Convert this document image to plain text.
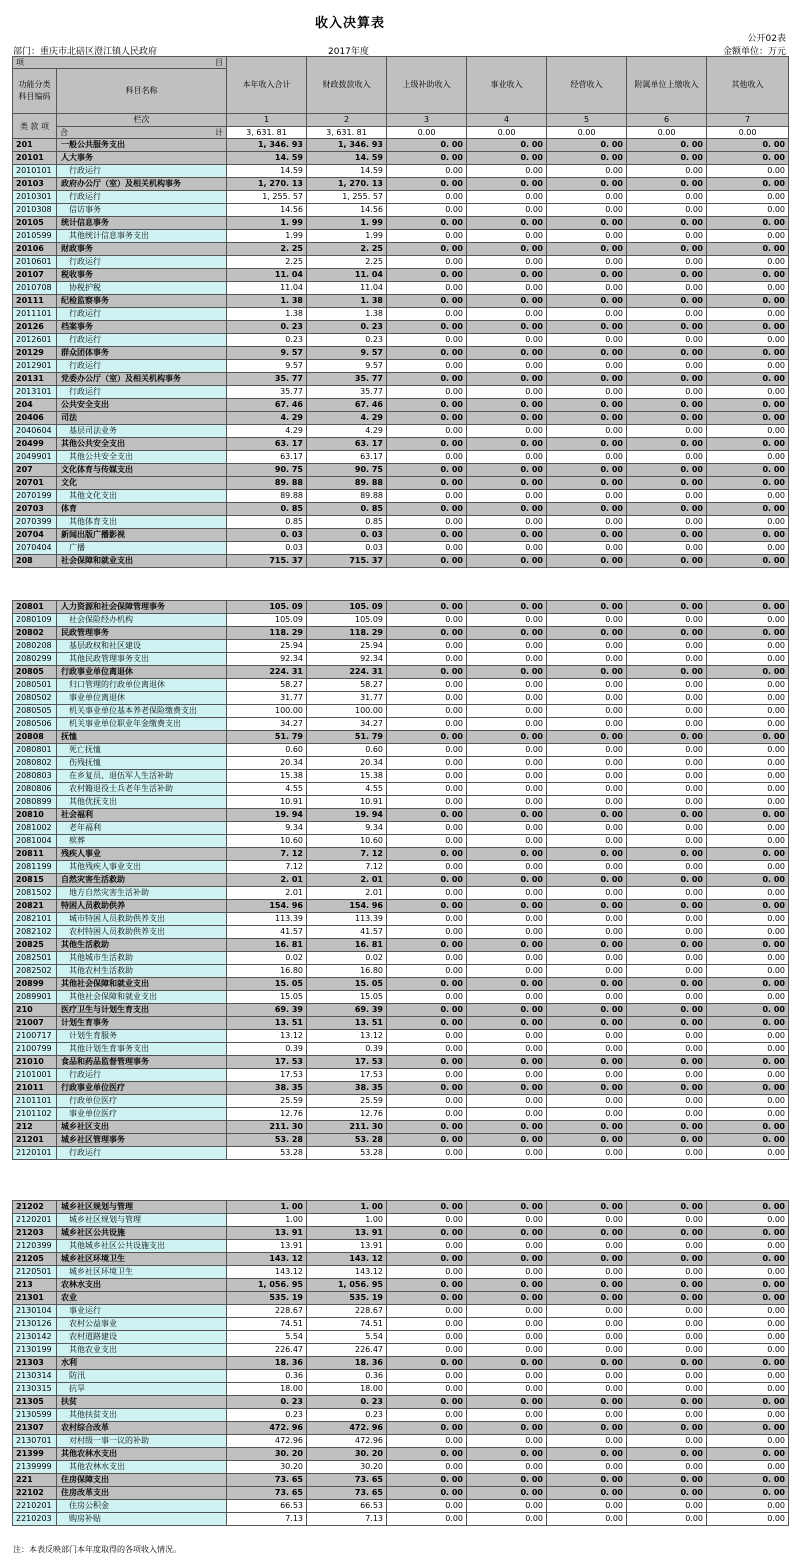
收入决算表
公开02表
部门：重庆市北碚区澄江镇人民政府	2017年度	金额单位：万元
项 目		本年收入合计	财政拨款收入	上级补助收入	事业收入	经营收入	附属单位上缴收入	其他收入
功能分类科目编码	科目名称							

类 款 项	栏次	1	2	3	4	5	6	7
	合 计	3, 631. 81	3, 631. 81	0.00	0.00	0.00	0.00	0.00
201	一般公共服务支出	1, 346. 93	1, 346. 93	0. 00	0. 00	0. 00	0. 00	0. 00
20101	人大事务	14. 59	14. 59	0. 00	0. 00	0. 00	0. 00	0. 00
2010101	行政运行	14.59	14.59	0.00	0.00	0.00	0.00	0.00
20103	政府办公厅（室）及相关机构事务	1, 270. 13	1, 270. 13	0. 00	0. 00	0. 00	0. 00	0. 00
2010301	行政运行	1, 255. 57	1, 255. 57	0.00	0.00	0.00	0.00	0.00
2010308	信访事务	14.56	14.56	0.00	0.00	0.00	0.00	0.00
20105	统计信息事务	1. 99	1. 99	0. 00	0. 00	0. 00	0. 00	0. 00
2010599	其他统计信息事务支出	1.99	1.99	0.00	0.00	0.00	0.00	0.00
20106	财政事务	2. 25	2. 25	0. 00	0. 00	0. 00	0. 00	0. 00
2010601	行政运行	2.25	2.25	0.00	0.00	0.00	0.00	0.00
20107	税收事务	11. 04	11. 04	0. 00	0. 00	0. 00	0. 00	0. 00
2010708	协税护税	11.04	11.04	0.00	0.00	0.00	0.00	0.00
20111	纪检监察事务	1. 38	1. 38	0. 00	0. 00	0. 00	0. 00	0. 00
2011101	行政运行	1.38	1.38	0.00	0.00	0.00	0.00	0.00
20126	档案事务	0. 23	0. 23	0. 00	0. 00	0. 00	0. 00	0. 00
2012601	行政运行	0.23	0.23	0.00	0.00	0.00	0.00	0.00
20129	群众团体事务	9. 57	9. 57	0. 00	0. 00	0. 00	0. 00	0. 00
2012901	行政运行	9.57	9.57	0.00	0.00	0.00	0.00	0.00
20131	党委办公厅（室）及相关机构事务	35. 77	35. 77	0. 00	0. 00	0. 00	0. 00	0. 00
2013101	行政运行	35.77	35.77	0.00	0.00	0.00	0.00	0.00
204	公共安全支出	67. 46	67. 46	0. 00	0. 00	0. 00	0. 00	0. 00
20406	司法	4. 29	4. 29	0. 00	0. 00	0. 00	0. 00	0. 00
2040604	基层司法业务	4.29	4.29	0.00	0.00	0.00	0.00	0.00
20499	其他公共安全支出	63. 17	63. 17	0. 00	0. 00	0. 00	0. 00	0. 00
2049901	其他公共安全支出	63.17	63.17	0.00	0.00	0.00	0.00	0.00
207	文化体育与传媒支出	90. 75	90. 75	0. 00	0. 00	0. 00	0. 00	0. 00
20701	文化	89. 88	89. 88	0. 00	0. 00	0. 00	0. 00	0. 00
2070199	其他文化支出	89.88	89.88	0.00	0.00	0.00	0.00	0.00
20703	体育	0. 85	0. 85	0. 00	0. 00	0. 00	0. 00	0. 00
2070399	其他体育支出	0.85	0.85	0.00	0.00	0.00	0.00	0.00
20704	新闻出版广播影视	0. 03	0. 03	0. 00	0. 00	0. 00	0. 00	0. 00
2070404	广播	0.03	0.03	0.00	0.00	0.00	0.00	0.00
208	社会保障和就业支出	715. 37	715. 37	0. 00	0. 00	0. 00	0. 00	0. 00
20801	人力资源和社会保障管理事务	105. 09	105. 09	0. 00	0. 00	0. 00	0. 00	0. 00
2080109	社会保险经办机构	105.09	105.09	0.00	0.00	0.00	0.00	0.00
20802	民政管理事务	118. 29	118. 29	0. 00	0. 00	0. 00	0. 00	0. 00
2080208	基层政权和社区建设	25.94	25.94	0.00	0.00	0.00	0.00	0.00
2080299	其他民政管理事务支出	92.34	92.34	0.00	0.00	0.00	0.00	0.00
20805	行政事业单位离退休	224. 31	224. 31	0. 00	0. 00	0. 00	0. 00	0. 00
2080501	归口管理的行政单位离退休	58.27	58.27	0.00	0.00	0.00	0.00	0.00
2080502	事业单位离退休	31.77	31.77	0.00	0.00	0.00	0.00	0.00
2080505	机关事业单位基本养老保险缴费支出	100.00	100.00	0.00	0.00	0.00	0.00	0.00
2080506	机关事业单位职业年金缴费支出	34.27	34.27	0.00	0.00	0.00	0.00	0.00
20808	抚恤	51. 79	51. 79	0. 00	0. 00	0. 00	0. 00	0. 00
2080801	死亡抚恤	0.60	0.60	0.00	0.00	0.00	0.00	0.00
2080802	伤残抚恤	20.34	20.34	0.00	0.00	0.00	0.00	0.00
2080803	在乡复员、退伍军人生活补助	15.38	15.38	0.00	0.00	0.00	0.00	0.00
2080806	农村籍退役士兵老年生活补助	4.55	4.55	0.00	0.00	0.00	0.00	0.00
2080899	其他优抚支出	10.91	10.91	0.00	0.00	0.00	0.00	0.00
20810	社会福利	19. 94	19. 94	0. 00	0. 00	0. 00	0. 00	0. 00
2081002	老年福利	9.34	9.34	0.00	0.00	0.00	0.00	0.00
2081004	殡葬	10.60	10.60	0.00	0.00	0.00	0.00	0.00
20811	残疾人事业	7. 12	7. 12	0. 00	0. 00	0. 00	0. 00	0. 00
2081199	其他残疾人事业支出	7.12	7.12	0.00	0.00	0.00	0.00	0.00
20815	自然灾害生活救助	2. 01	2. 01	0. 00	0. 00	0. 00	0. 00	0. 00
2081502	地方自然灾害生活补助	2.01	2.01	0.00	0.00	0.00	0.00	0.00
20821	特困人员救助供养	154. 96	154. 96	0. 00	0. 00	0. 00	0. 00	0. 00
2082101	城市特困人员救助供养支出	113.39	113.39	0.00	0.00	0.00	0.00	0.00
2082102	农村特困人员救助供养支出	41.57	41.57	0.00	0.00	0.00	0.00	0.00
20825	其他生活救助	16. 81	16. 81	0. 00	0. 00	0. 00	0. 00	0. 00
2082501	其他城市生活救助	0.02	0.02	0.00	0.00	0.00	0.00	0.00
2082502	其他农村生活救助	16.80	16.80	0.00	0.00	0.00	0.00	0.00
20899	其他社会保障和就业支出	15. 05	15. 05	0. 00	0. 00	0. 00	0. 00	0. 00
2089901	其他社会保障和就业支出	15.05	15.05	0.00	0.00	0.00	0.00	0.00
210	医疗卫生与计划生育支出	69. 39	69. 39	0. 00	0. 00	0. 00	0. 00	0. 00
21007	计划生育事务	13. 51	13. 51	0. 00	0. 00	0. 00	0. 00	0. 00
2100717	计划生育服务	13.12	13.12	0.00	0.00	0.00	0.00	0.00
2100799	其他计划生育事务支出	0.39	0.39	0.00	0.00	0.00	0.00	0.00
21010	食品和药品监督管理事务	17. 53	17. 53	0. 00	0. 00	0. 00	0. 00	0. 00
2101001	行政运行	17.53	17.53	0.00	0.00	0.00	0.00	0.00
21011	行政事业单位医疗	38. 35	38. 35	0. 00	0. 00	0. 00	0. 00	0. 00
2101101	行政单位医疗	25.59	25.59	0.00	0.00	0.00	0.00	0.00
2101102	事业单位医疗	12.76	12.76	0.00	0.00	0.00	0.00	0.00
212	城乡社区支出	211. 30	211. 30	0. 00	0. 00	0. 00	0. 00	0. 00
21201	城乡社区管理事务	53. 28	53. 28	0. 00	0. 00	0. 00	0. 00	0. 00
2120101	行政运行	53.28	53.28	0.00	0.00	0.00	0.00	0.00
21202	城乡社区规划与管理	1. 00	1. 00	0. 00	0. 00	0. 00	0. 00	0. 00
2120201	城乡社区规划与管理	1.00	1.00	0.00	0.00	0.00	0.00	0.00
21203	城乡社区公共设施	13. 91	13. 91	0. 00	0. 00	0. 00	0. 00	0. 00
2120399	其他城乡社区公共设施支出	13.91	13.91	0.00	0.00	0.00	0.00	0.00
21205	城乡社区环境卫生	143. 12	143. 12	0. 00	0. 00	0. 00	0. 00	0. 00
2120501	城乡社区环境卫生	143.12	143.12	0.00	0.00	0.00	0.00	0.00
213	农林水支出	1, 056. 95	1, 056. 95	0. 00	0. 00	0. 00	0. 00	0. 00
21301	农业	535. 19	535. 19	0. 00	0. 00	0. 00	0. 00	0. 00
2130104	事业运行	228.67	228.67	0.00	0.00	0.00	0.00	0.00
2130126	农村公益事业	74.51	74.51	0.00	0.00	0.00	0.00	0.00
2130142	农村道路建设	5.54	5.54	0.00	0.00	0.00	0.00	0.00
2130199	其他农业支出	226.47	226.47	0.00	0.00	0.00	0.00	0.00
21303	水利	18. 36	18. 36	0. 00	0. 00	0. 00	0. 00	0. 00
2130314	防汛	0.36	0.36	0.00	0.00	0.00	0.00	0.00
2130315	抗旱	18.00	18.00	0.00	0.00	0.00	0.00	0.00
21305	扶贫	0. 23	0. 23	0. 00	0. 00	0. 00	0. 00	0. 00
2130599	其他扶贫支出	0.23	0.23	0.00	0.00	0.00	0.00	0.00
21307	农村综合改革	472. 96	472. 96	0. 00	0. 00	0. 00	0. 00	0. 00
2130701	对村级一事一议的补助	472.96	472.96	0.00	0.00	0.00	0.00	0.00
21399	其他农林水支出	30. 20	30. 20	0. 00	0. 00	0. 00	0. 00	0. 00
2139999	其他农林水支出	30.20	30.20	0.00	0.00	0.00	0.00	0.00
221	住房保障支出	73. 65	73. 65	0. 00	0. 00	0. 00	0. 00	0. 00
22102	住房改革支出	73. 65	73. 65	0. 00	0. 00	0. 00	0. 00	0. 00
2210201	住房公积金	66.53	66.53	0.00	0.00	0.00	0.00	0.00
2210203	购房补贴	7.13	7.13	0.00	0.00	0.00	0.00	0.00
注：本表反映部门本年度取得的各项收入情况。
